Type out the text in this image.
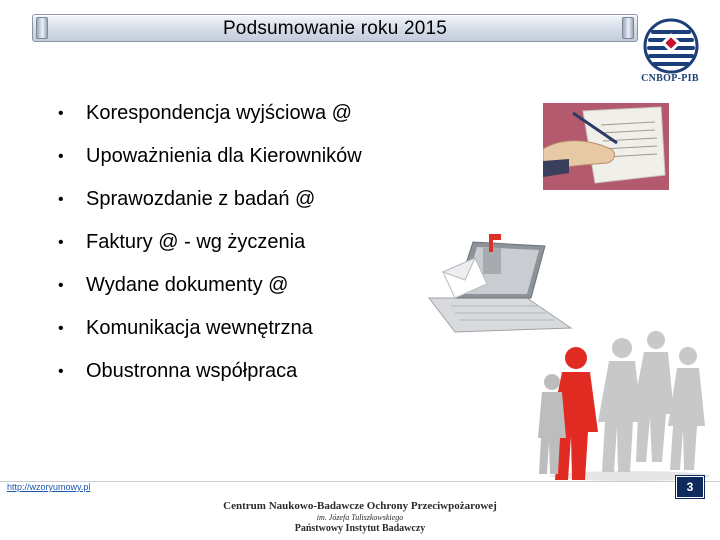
Podsumowanie roku 2015
CNBOP-PIB
•	Korespondencja wyjściowa @
•	Upoważnienia dla Kierowników
•	Sprawozdanie z badań @
•	Faktury @ - wg życzenia
•	Wydane dokumenty @
•	Komunikacja wewnętrzna
•	Obustronna współpraca
http://wzoryumowy.pl
Centrum Naukowo-Badawcze Ochrony Przeciwpożarowej
im. Józefa Tuliszkowskiego
Państwowy Instytut Badawczy
3
